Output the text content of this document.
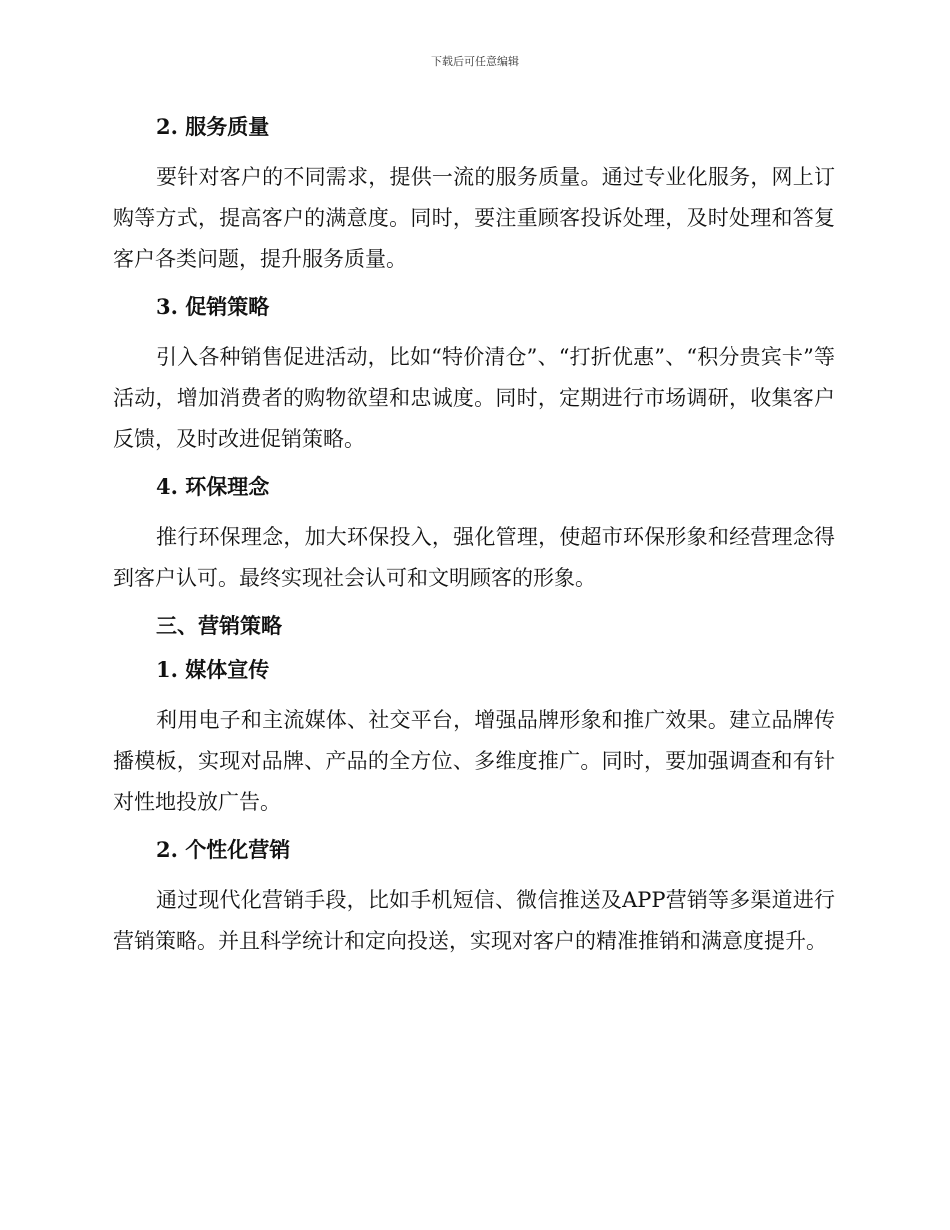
下载后可任意编辑
2. 服务质量

要针对客户的不同需求，提供一流的服务质量。通过专业化服务，网上订购等方式，提高客户的满意度。同时，要注重顾客投诉处理，及时处理和答复客户各类问题，提升服务质量。

3. 促销策略

引入各种销售促进活动，比如“特价清仓”、“打折优惠”、“积分贵宾卡”等活动，增加消费者的购物欲望和忠诚度。同时，定期进行市场调研，收集客户反馈，及时改进促销策略。

4. 环保理念

推行环保理念，加大环保投入，强化管理，使超市环保形象和经营理念得到客户认可。最终实现社会认可和文明顾客的形象。

三、营销策略
1. 媒体宣传

利用电子和主流媒体、社交平台，增强品牌形象和推广效果。建立品牌传播模板，实现对品牌、产品的全方位、多维度推广。同时，要加强调查和有针对性地投放广告。

2. 个性化营销

通过现代化营销手段，比如手机短信、微信推送及APP营销等多渠道进行营销策略。并且科学统计和定向投送，实现对客户的精准推销和满意度提升。
